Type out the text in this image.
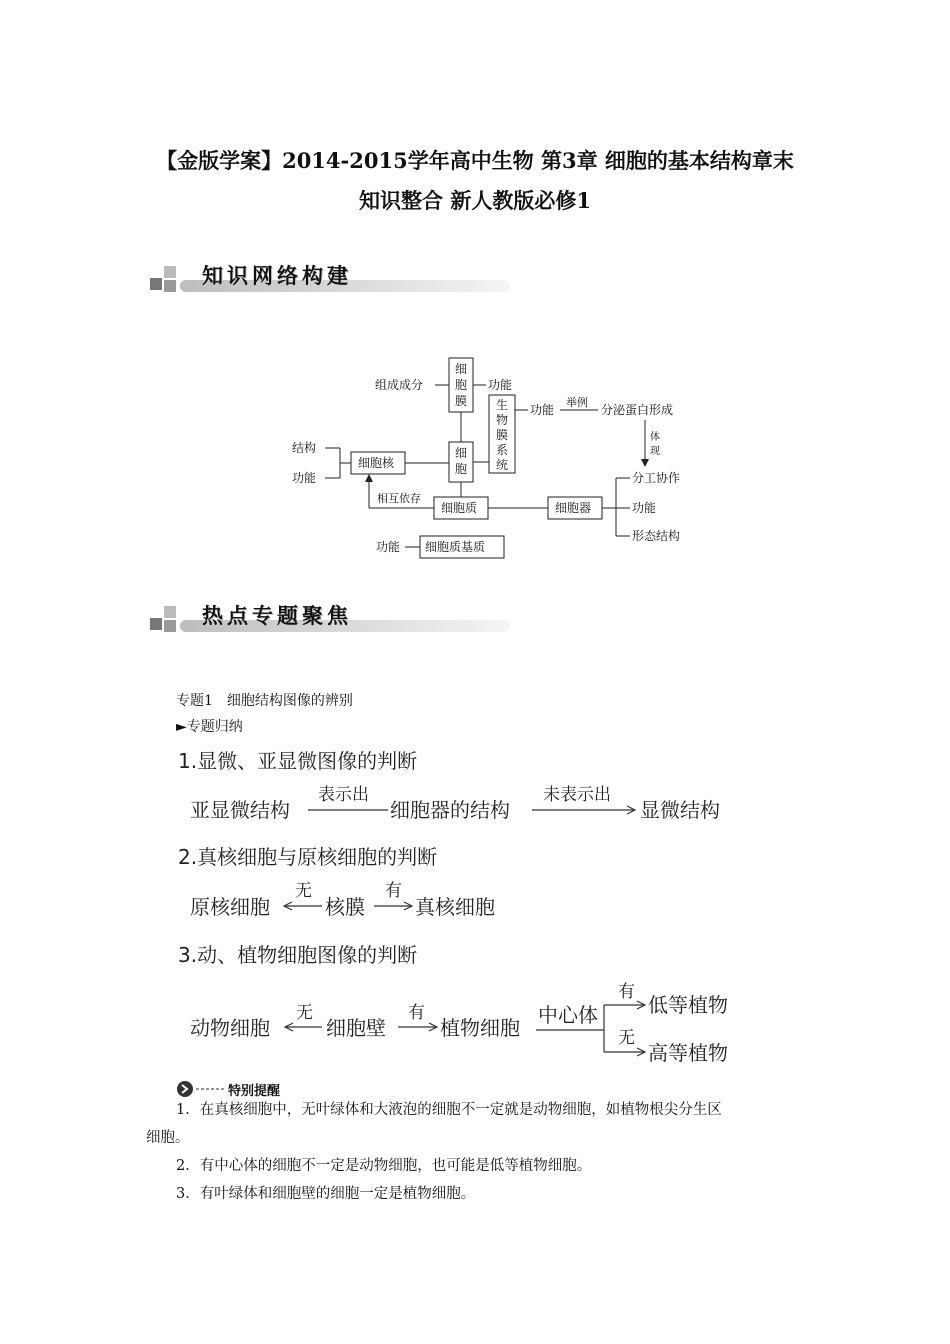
【金版学案】2014-2015学年高中生物 第3章 细胞的基本结构章末
知识整合 新人教版必修1
知识网络构建
组成成分
细
胞
膜
功能
生
物
膜
系
统
功能
举例
分泌蛋白形成
体
现
结构
功能
细胞核
细
胞
相互依存
细胞质	细胞器
分工协作
功能
形态结构
功能 细胞质基质
热点专题聚焦
专题1　细胞结构图像的辨别
►专题归纳
1.显微、亚显微图像的判断
亚显微结构
表示出
细胞器的结构
未表示出
显微结构
2.真核细胞与原核细胞的判断
原核细胞
无
核膜
有
真核细胞
3.动、植物细胞图像的判断
动物细胞
无
细胞壁
有
植物细胞
中心体
有
低等植物
无
高等植物
特别提醒
1．在真核细胞中，无叶绿体和大液泡的细胞不一定就是动物细胞，如植物根尖分生区
细胞。
2．有中心体的细胞不一定是动物细胞，也可能是低等植物细胞。
3．有叶绿体和细胞壁的细胞一定是植物细胞。
